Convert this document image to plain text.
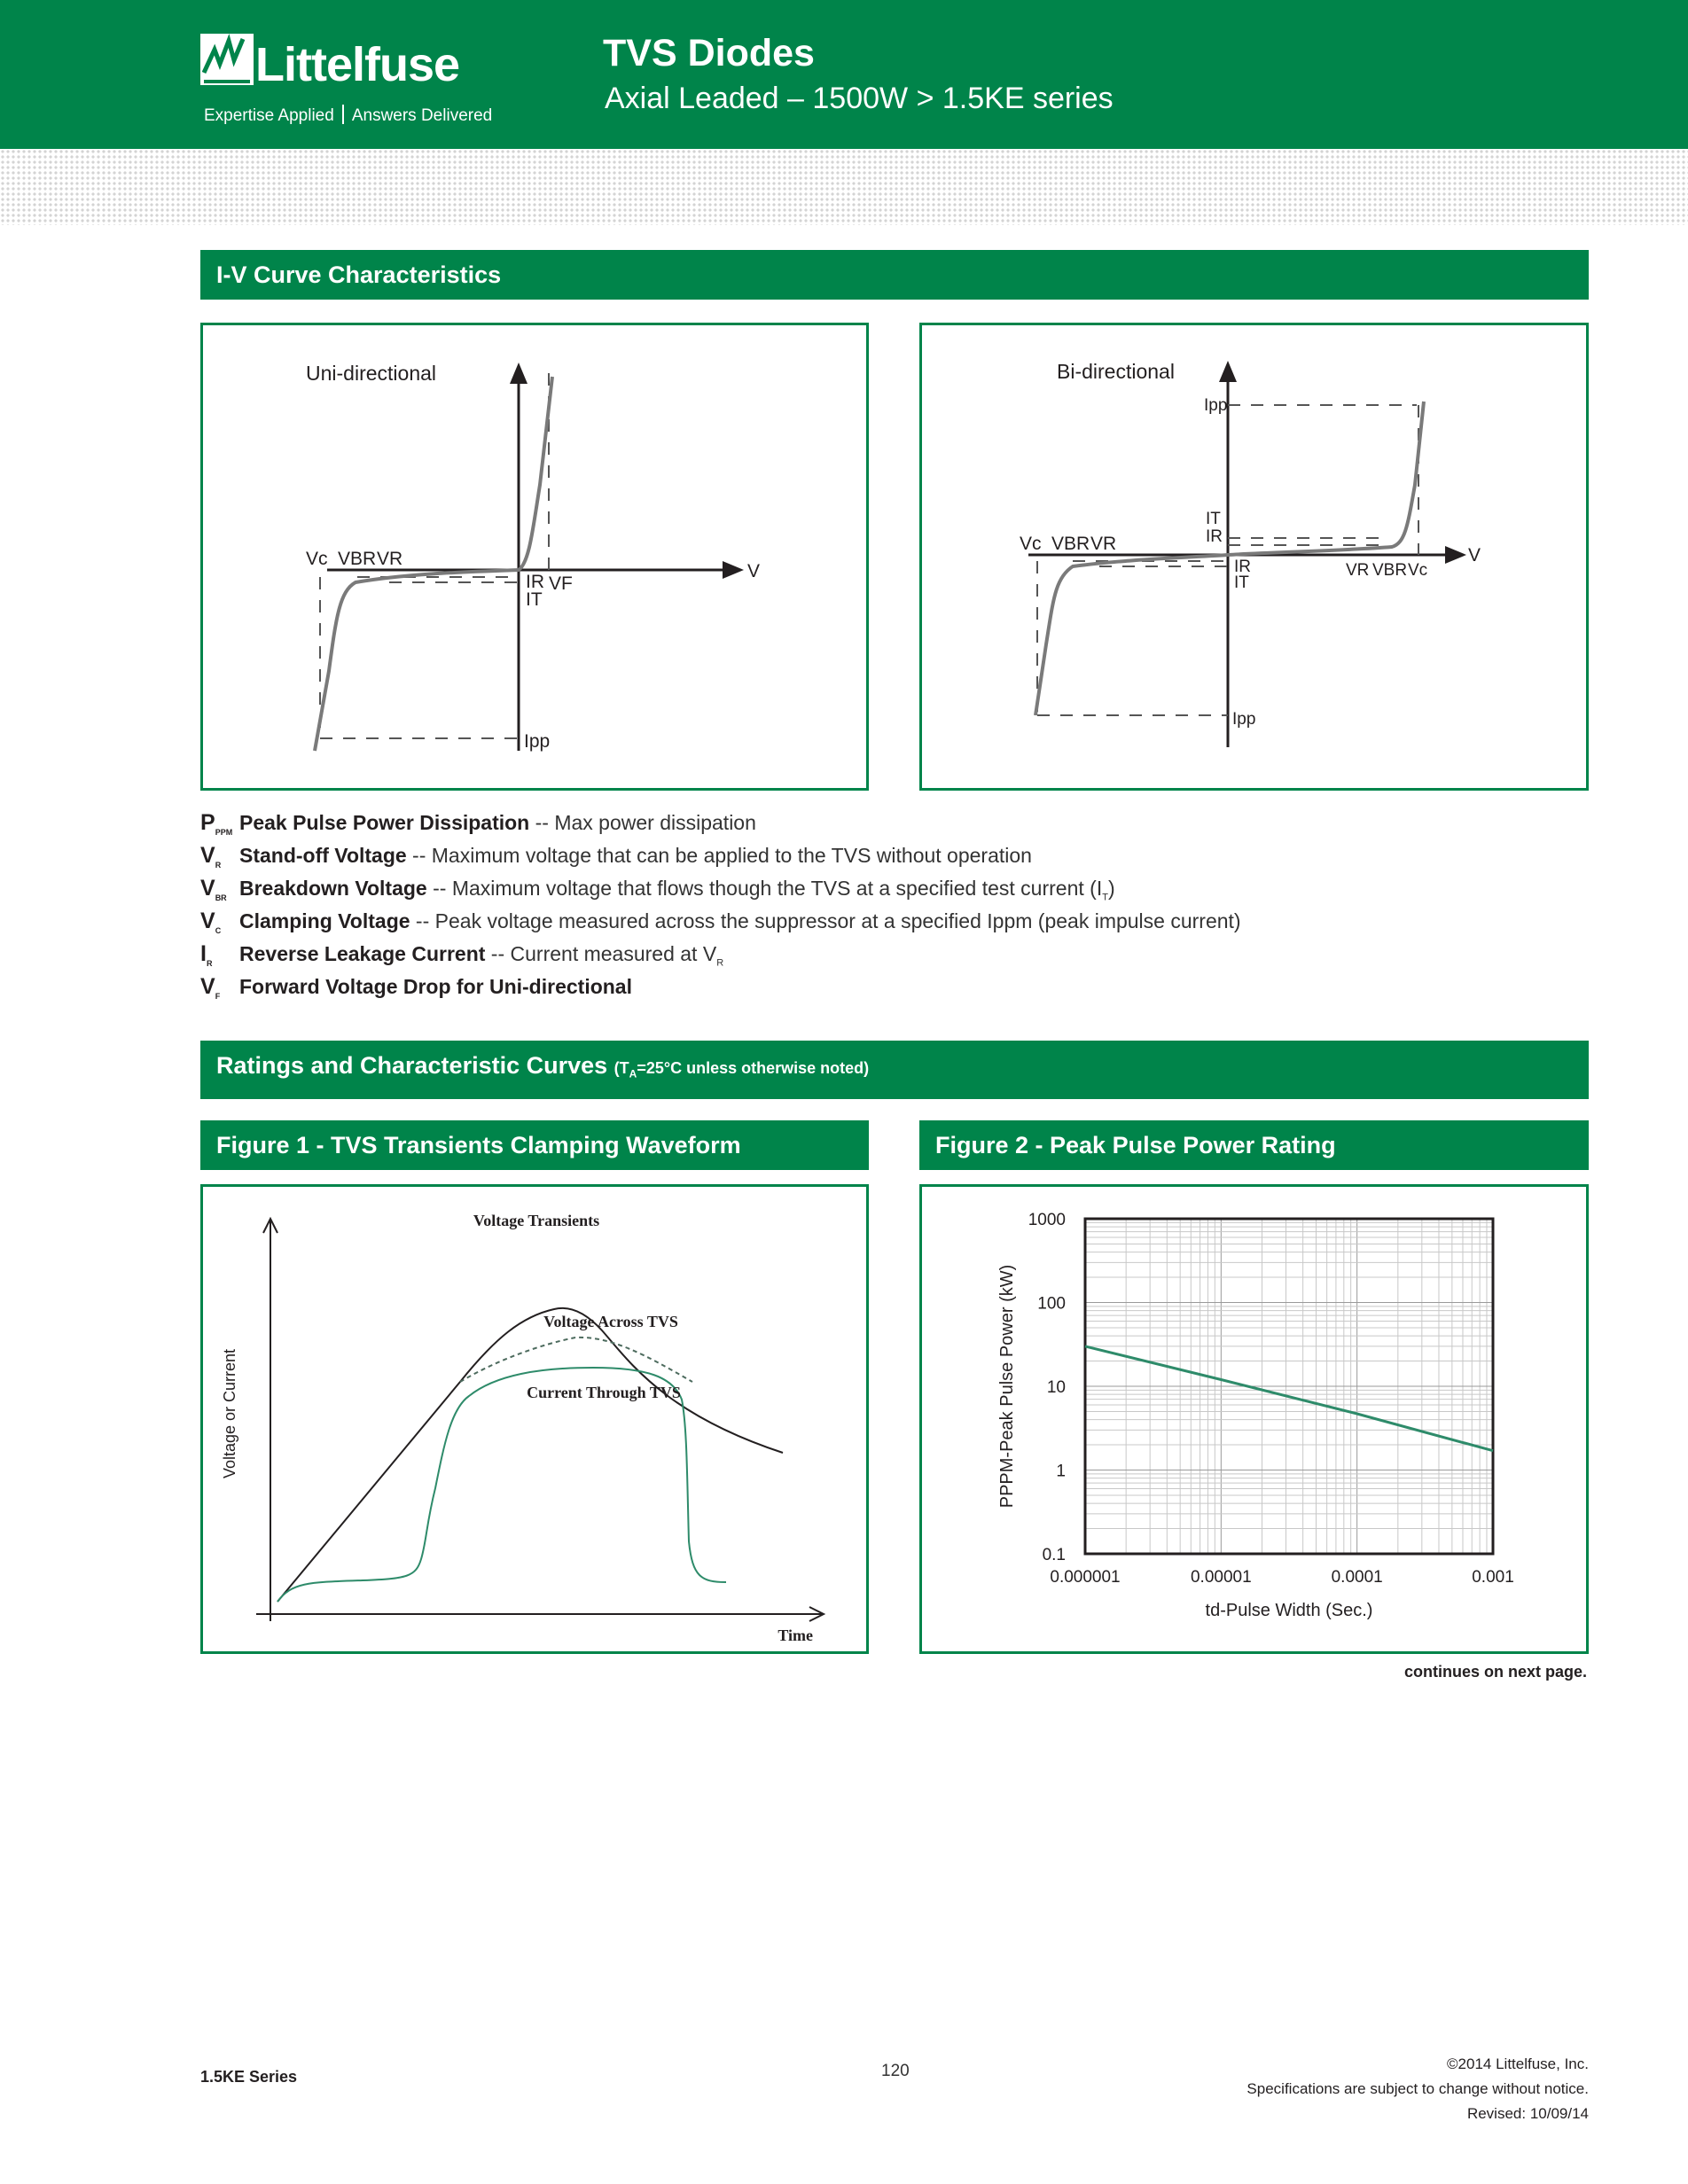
Littelfuse
Expertise Applied Answers Delivered
TVS Diodes
Axial Leaded – 1500W > 1.5KE series
I-V Curve Characteristics
Uni-directional
Vc VBR VR
V
IR VF
IT
Ipp
Bi-directional
Vc VBR VR
V
Ipp
IT
IR
IR
IT
VR VBR Vc
Ipp
$P_{PPM}$ Peak Pulse Power Dissipation -- Max power dissipation
$V_R$ Stand-off Voltage -- Maximum voltage that can be applied to the TVS without operation
$V_{BR}$ Breakdown Voltage -- Maximum voltage that flows though the TVS at a specified test current $(I_T)$
$V_C$ Clamping Voltage -- Peak voltage measured across the suppressor at a specified Ippm (peak impulse current)
$I_R$ Reverse Leakage Current -- Current measured at $V_R$
$V_F$ Forward Voltage Drop for Uni-directional
Ratings and Characteristic Curves ($T_A=25^\circ C$ unless otherwise noted)
Figure 1 - TVS Transients Clamping Waveform	Figure 2 - Peak Pulse Power Rating
Voltage Transients
Voltage Across TVS
Current Through TVS
Voltage or Current
Time
0.000001	0.00001	0.0001	0.001
1000
100
10
1
0.1
td-Pulse Width (Sec.)
PPPM-Peak Pulse Power (kW)
continues on next page.
1.5KE Series	120	©2014 Littelfuse, Inc.
Specifications are subject to change without notice.
Revised: 10/09/14
